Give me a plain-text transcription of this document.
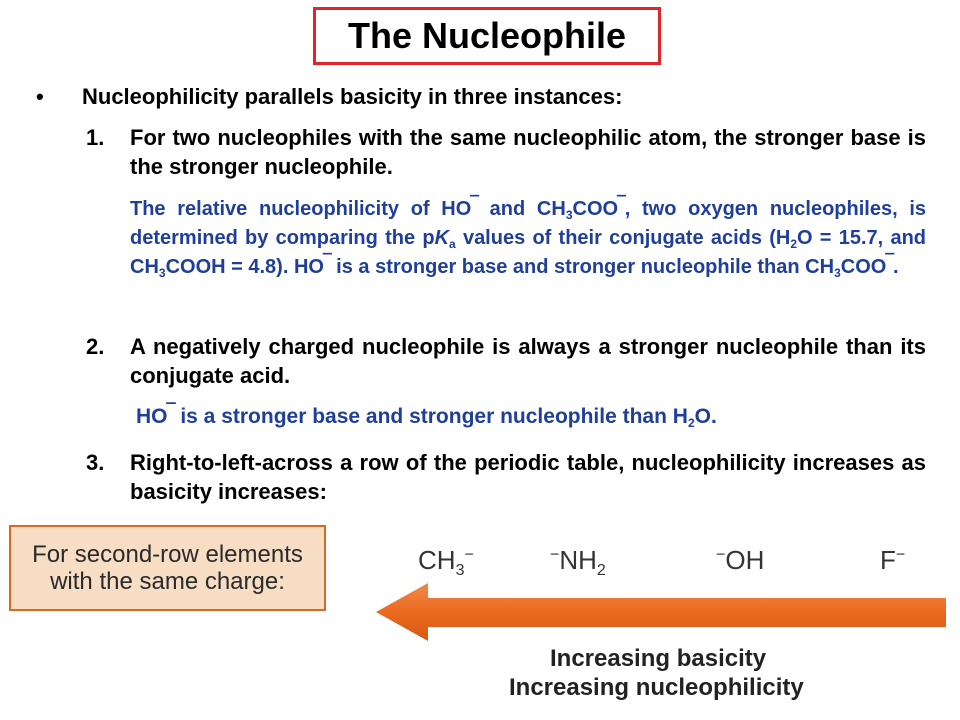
The Nucleophile
• Nucleophilicity parallels basicity in three instances:
1. For two nucleophiles with the same nucleophilic atom, the stronger base is the stronger nucleophile.
The relative nucleophilicity of HO‾ and $CH_3COO‾$, two oxygen nucleophiles, is determined by comparing the $pK_a$ values of their conjugate acids ($H_2O = 15.7$, and $CH_3COOH = 4.8$). HO‾ is a stronger base and stronger nucleophile than $CH_3COO‾$.
2. A negatively charged nucleophile is always a stronger nucleophile than its conjugate acid.
HO‾ is a stronger base and stronger nucleophile than $H_2O$.
3. Right-to-left-across a row of the periodic table, nucleophilicity increases as basicity increases:
For second-row elements
with the same charge:
$CH_3^-$	$^-NH_2$
−OH	F−
Increasing basicity
Increasing nucleophilicity
